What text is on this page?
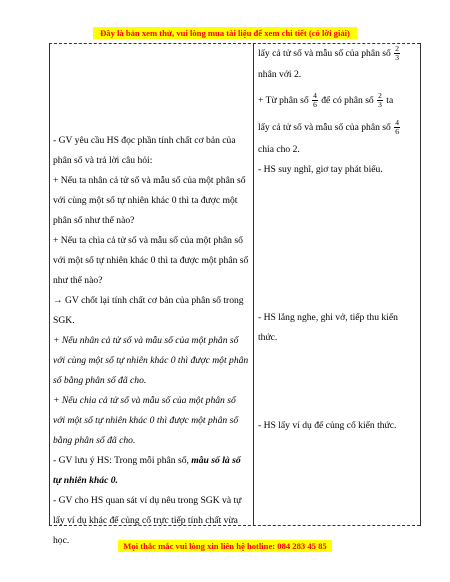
Đây là bản xem thử, vui lòng mua tài liệu để xem chi tiết (có lời giải)

- GV yêu cầu HS đọc phần tính chất cơ bản của phân số và trả lời câu hỏi:

+ Nếu ta nhân cả tử số và mẫu số của một phân số với cùng một số tự nhiên khác 0 thì ta được một phân số như thế nào?

+ Nếu ta chia cả tử số và mẫu số của một phân số với một số tự nhiên khác 0 thì ta được một phân số như thế nào?

→ GV chốt lại tính chất cơ bản của phân số trong SGK.

+ Nếu nhân cả tử số và mẫu số của một phân số với cùng một số tự nhiên khác 0 thì được một phân số bằng phân số đã cho.

+ Nếu chia cả tử số và mẫu số của một phân số với một số tự nhiên khác 0 thì được một phân số bằng phân số đã cho.

- GV lưu ý HS: Trong mỗi phân số, mẫu số là số tự nhiên khác 0.

- GV cho HS quan sát ví dụ nêu trong SGK và tự lấy ví dụ khác để củng cố trực tiếp tính chất vừa học.

lấy cả tử số và mẫu số của phân số $\frac{2}{3}$

nhân với 2.

+ Từ phân số $\frac{4}{6}$ để có phân số $\frac{2}{3}$ ta

lấy cả tử số và mẫu số của phân số $\frac{4}{6}$

chia cho 2.

- HS suy nghĩ, giơ tay phát biểu.

- HS lắng nghe, ghi vở, tiếp thu kiến thức.

- HS lấy ví dụ để củng cố kiến thức.

Mọi thắc mắc vui lòng xin liên hệ hotline: 084 283 45 85
